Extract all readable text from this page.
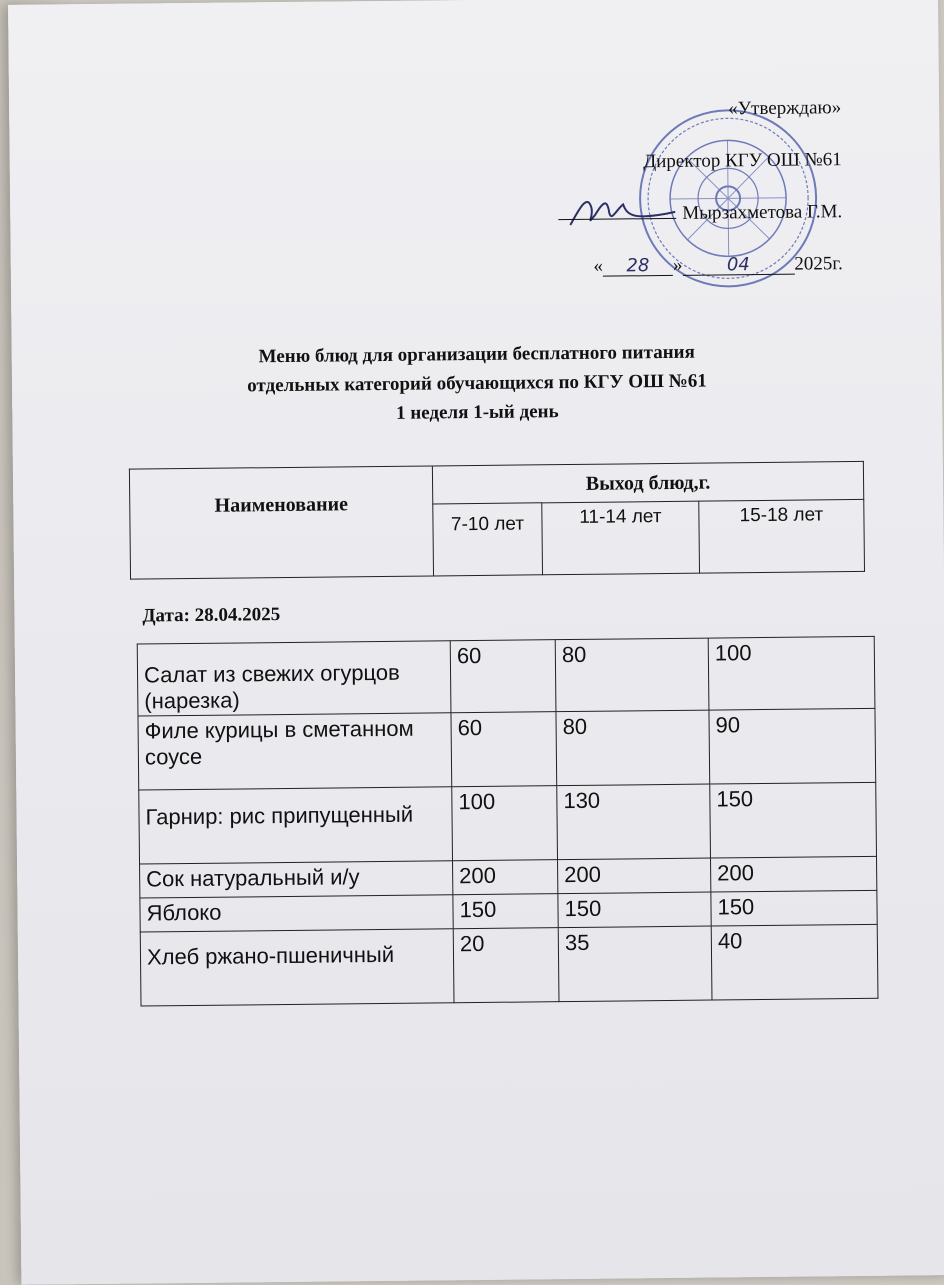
«Утверждаю»
Директор КГУ ОШ №61
Мырзахметова Г.М.
« 28 » 04 2025г.
Меню блюд для организации бесплатного питания
отдельных категорий обучающихся по КГУ ОШ №61
1 неделя 1-ый день
Наименование	Выход блюд,г.		
	7-10 лет	11-14 лет	15-18 лет
Дата: 28.04.2025
Салат из свежих огурцов (нарезка)	60	80	100
Филе курицы в сметанном соусе	60	80	90
Гарнир: рис припущенный	100	130	150
Сок натуральный и/у	200	200	200
Яблоко	150	150	150
Хлеб ржано-пшеничный	20	35	40
